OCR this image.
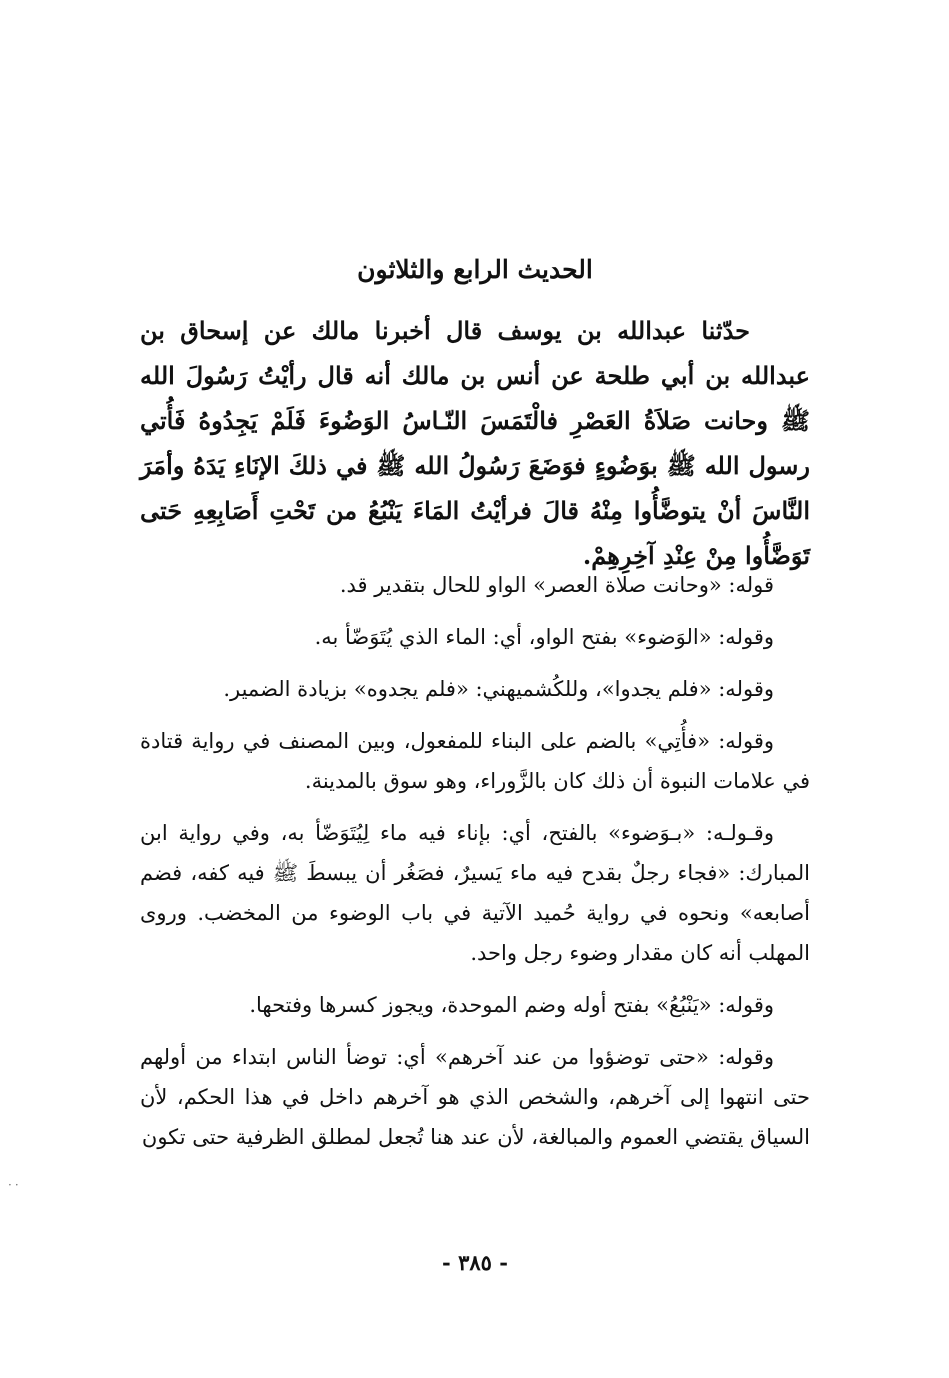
الحديث الرابع والثلاثون
حدّثنا عبدالله بن يوسف قال أخبرنا مالك عن إسحاق بن عبدالله بن أبي طلحة عن أنس بن مالك أنه قال رأيْتُ رَسُولَ الله ﷺ وحانت صَلاَةُ العَصْرِ فالْتَمَسَ النّـاسُ الوَضُوءَ فَلَمْ يَجِدُوهُ فَأُتي رسول الله ﷺ بوَضُوءٍ فوَضَعَ رَسُولُ الله ﷺ في ذلكَ الإنَاءِ يَدَهُ وأمَرَ النَّاسَ أنْ يتوضَّأُوا مِنْهُ قالَ فرأيْتُ المَاءَ يَنْبُعُ من تَحْتِ أَصَابِعِهِ حَتى تَوَضَّأُوا مِنْ عِنْدِ آخِرِهِمْ.

قوله: «وحانت صلاة العصر» الواو للحال بتقدير قد.

وقوله: «الوَضوء» بفتح الواو، أي: الماء الذي يُتَوَضّأ به.

وقوله: «فلم يجدوا»، وللكُشميهني: «فلم يجدوه» بزيادة الضمير.

وقوله: «فأُتِي» بالضم على البناء للمفعول، وبين المصنف في رواية قتادة في علامات النبوة أن ذلك كان بالزَّوراء، وهو سوق بالمدينة.

وقـولـه: «بـوَضوء» بالفتح، أي: بإناء فيه ماء لِيُتَوَضّأ به، وفي رواية ابن المبارك: «فجاء رجلٌ بقدح فيه ماء يَسيرٌ، فصَغُر أن يبسطَ ﷺ فيه كفه، فضم أصابعه» ونحوه في رواية حُميد الآتية في باب الوضوء من المخضب. وروى المهلب أنه كان مقدار وضوء رجل واحد.

وقوله: «يَنْبُعُ» بفتح أوله وضم الموحدة، ويجوز كسرها وفتحها.

وقوله: «حتى توضؤوا من عند آخرهم» أي: توضأ الناس ابتداء من أولهم حتى انتهوا إلى آخرهم، والشخص الذي هو آخرهم داخل في هذا الحكم، لأن السياق يقتضي العموم والمبالغة، لأن عند هنا تُجعل لمطلق الظرفية حتى تكون

- ٣٨٥ -
··
